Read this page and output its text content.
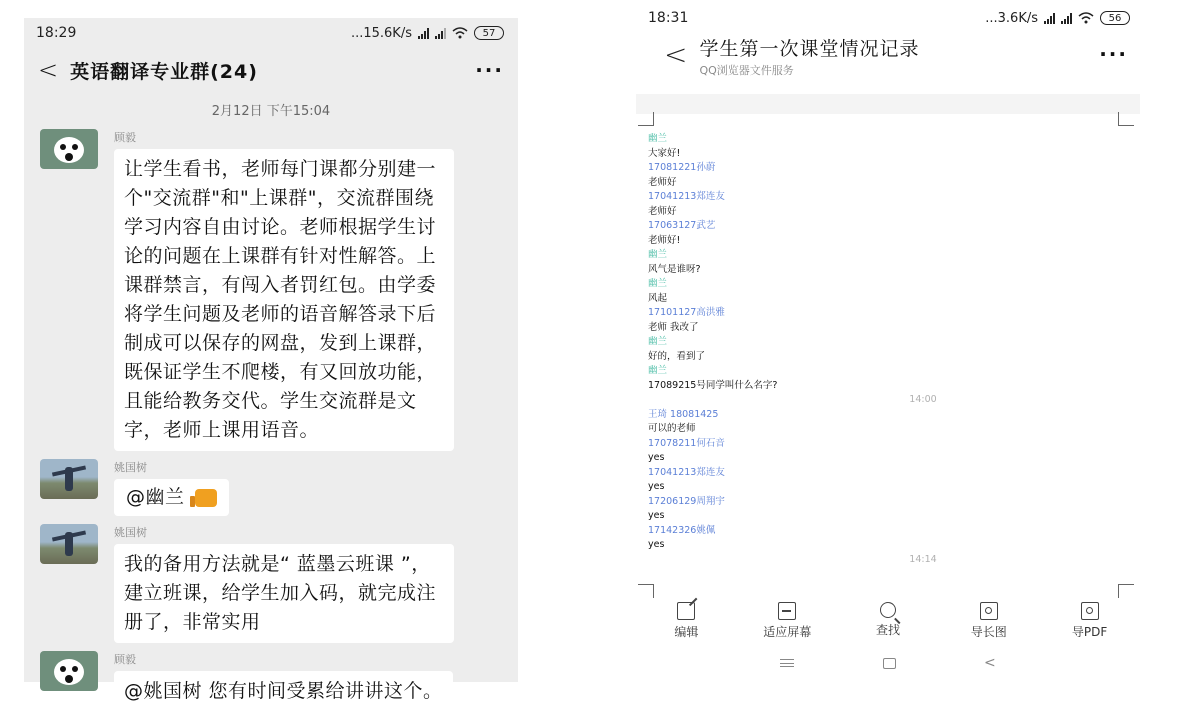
18:29	...15.6K/s	57
< 英语翻译专业群(24)	···
2月12日 下午15:04
顾毅
让学生看书，老师每门课都分别建一个"交流群"和"上课群"，交流群围绕学习内容自由讨论。老师根据学生讨论的问题在上课群有针对性解答。上课群禁言，有闯入者罚红包。由学委将学生问题及老师的语音解答录下后制成可以保存的网盘，发到上课群，既保证学生不爬楼，有又回放功能，且能给教务交代。学生交流群是文字，老师上课用语音。
姚国树
@幽兰
姚国树
我的备用方法就是“ 蓝墨云班课 ”，建立班课，给学生加入码，就完成注册了，非常实用
顾毅
@姚国树 您有时间受累给讲讲这个。
18:31	...3.6K/s	56
< 学生第一次课堂情况记录
QQ浏览器文件服务
···
幽兰
大家好!
17081221孙蔚
老师好
17041213郑连友
老师好
17063127武艺
老师好!
幽兰
风气是谁呀?
幽兰
风起
17101127高洪雅
老师 我改了
幽兰
好的，看到了
幽兰
17089215号同学叫什么名字?
14:00
王琦 18081425
可以的老师
17078211何石音
yes
17041213郑连友
yes
17206129周翔宇
yes
17142326姚佩
yes
14:14
编辑	适应屏幕	查找	导长图	导PDF
<
